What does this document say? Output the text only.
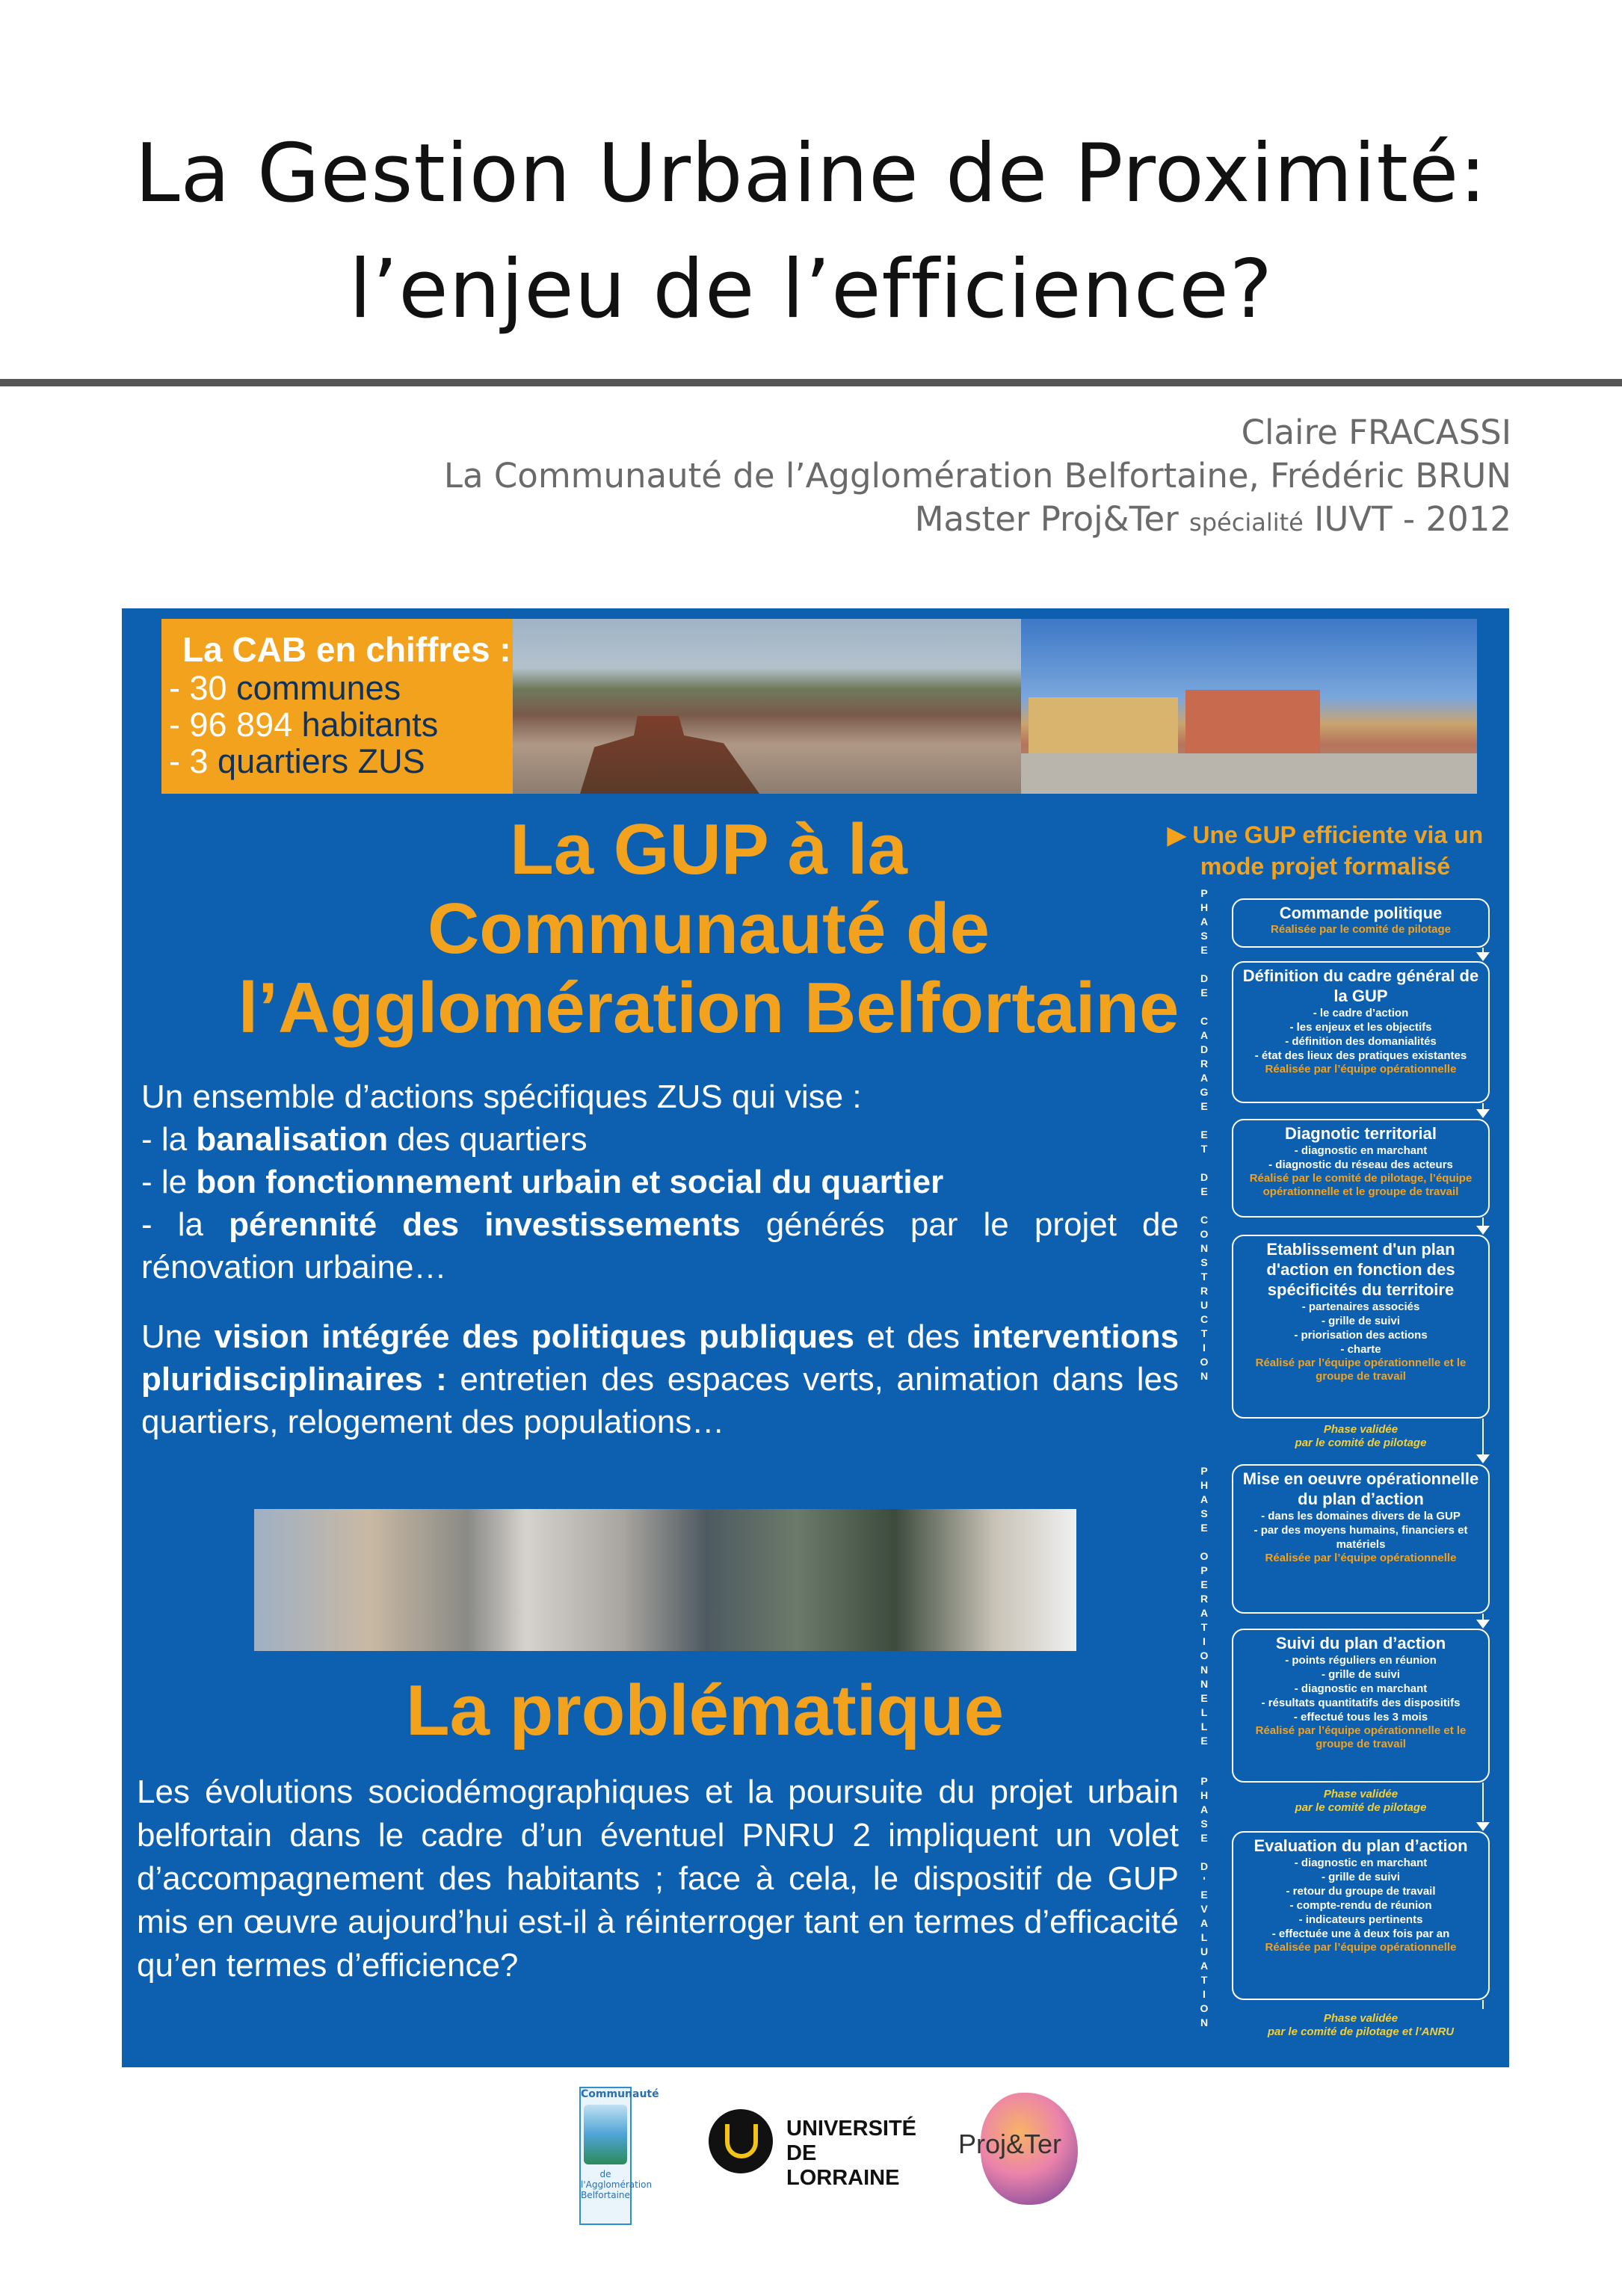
La Gestion Urbaine de Proximité:
l’enjeu de l’efficience?
Claire FRACASSI
La Communauté de l’Agglomération Belfortaine, Frédéric BRUN
Master Proj&Ter spécialité IUVT - 2012
La CAB en chiffres :
- 30 communes
- 96 894 habitants
- 3 quartiers ZUS
La GUP à la
Communauté de
l’Agglomération Belfortaine
Un ensemble d’actions spécifiques ZUS qui vise :
- la banalisation des quartiers
- le bon fonctionnement urbain et social du quartier
- la pérennité des investissements générés par le projet de rénovation urbaine…
Une vision intégrée des politiques publiques et des interventions pluridisciplinaires : entretien des espaces verts, animation dans les quartiers, relogement des populations…
La problématique
Les évolutions sociodémographiques et la poursuite du projet urbain belfortain dans le cadre d’un éventuel PNRU 2 impliquent un volet d’accompagnement des habitants ; face à cela, le dispositif de GUP mis en œuvre aujourd’hui est-il à réinterroger tant en termes d’efficacité qu’en termes d’efficience?
▶ Une GUP efficiente via un
mode projet formalisé
P
H
A
S
E

D
E

C
A
D
R
A
G
E

E
T

D
E

C
O
N
S
T
R
U
C
T
I
O
N
P
H
A
S
E

O
P
E
R
A
T
I
O
N
N
E
L
L
E
P
H
A
S
E

D
'
E
V
A
L
U
A
T
I
O
N
Commande politique
Réalisée par le comité de pilotage
Définition du cadre général de la GUP
- le cadre d’action
- les enjeux et les objectifs
- définition des domanialités
- état des lieux des pratiques existantes
Réalisée par l’équipe opérationnelle
Diagnotic territorial
- diagnostic en marchant
- diagnostic du réseau des acteurs
Réalisé par le comité de pilotage, l’équipe opérationnelle et le groupe de travail
Etablissement d'un plan d'action en fonction des spécificités du territoire
- partenaires associés
- grille de suivi
- priorisation des actions
- charte
Réalisé par l’équipe opérationnelle et le groupe de travail
Phase validée
par le comité de pilotage
Mise en oeuvre opérationnelle du plan d’action
- dans les domaines divers de la GUP
- par des moyens humains, financiers et matériels
Réalisée par l’équipe opérationnelle
Suivi du plan d’action
- points réguliers en réunion
- grille de suivi
- diagnostic en marchant
- résultats quantitatifs des dispositifs
- effectué tous les 3 mois
Réalisé par l’équipe opérationnelle et le groupe de travail
Phase validée
par le comité de pilotage
Evaluation du plan d’action
- diagnostic en marchant
- grille de suivi
- retour du groupe de travail
- compte-rendu de réunion
- indicateurs pertinents
- effectuée une à deux fois par an
Réalisée par l’équipe opérationnelle
Phase validée
par le comité de pilotage et l’ANRU
Communauté
de l'Agglomération Belfortaine
UNIVERSITÉ
DE LORRAINE
Proj&Ter
